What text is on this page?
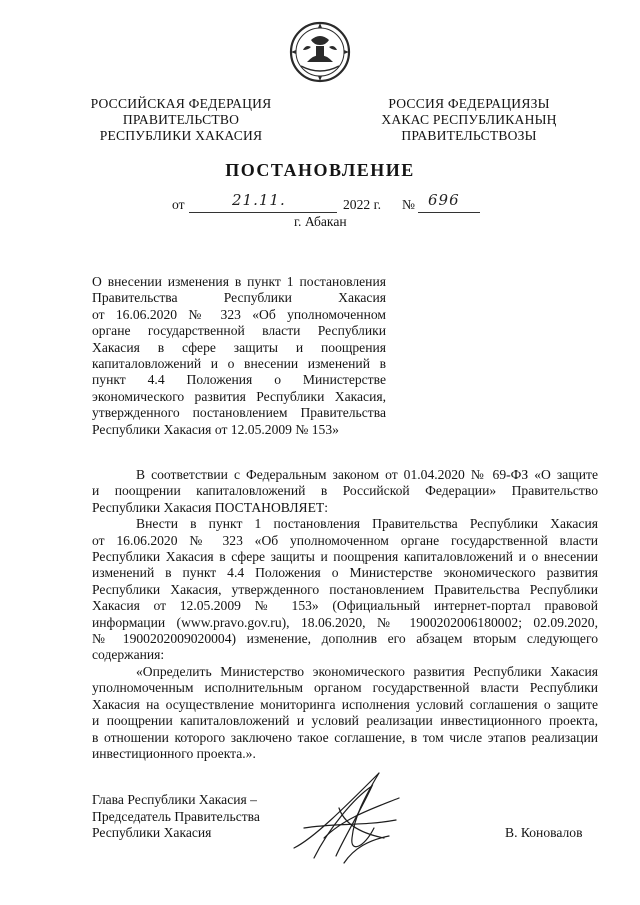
РОССИЙСКАЯ ФЕДЕРАЦИЯ
ПРАВИТЕЛЬСТВО
РЕСПУБЛИКИ ХАКАСИЯ
РОССИЯ ФЕДЕРАЦИЯЗЫ
ХАКАС РЕСПУБЛИКАНЫҢ
ПРАВИТЕЛЬСТВОЗЫ
ПОСТАНОВЛЕНИЕ
от	21.11.	2022 г. № 696
г. Абакан
О внесении изменения в пункт 1 постановления
Правительства Республики Хакасия
от 16.06.2020 № 323 «Об уполномоченном
органе государственной власти Республики
Хакасия в сфере защиты и поощрения
капиталовложений и о внесении изменений в
пункт 4.4 Положения о Министерстве
экономического развития Республики Хакасия,
утвержденного постановлением Правительства
Республики Хакасия от 12.05.2009 № 153»
В соответствии с Федеральным законом от 01.04.2020 № 69-ФЗ «О защите
и поощрении капиталовложений в Российской Федерации» Правительство
Республики Хакасия ПОСТАНОВЛЯЕТ:
Внести в пункт 1 постановления Правительства Республики Хакасия
от 16.06.2020 № 323 «Об уполномоченном органе государственной власти
Республики Хакасия в сфере защиты и поощрения капиталовложений и о внесении
изменений в пункт 4.4 Положения о Министерстве экономического развития
Республики Хакасия, утвержденного постановлением Правительства Республики
Хакасия от 12.05.2009 № 153» (Официальный интернет-портал правовой
информации (www.pravo.gov.ru), 18.06.2020, № 1900202006180002; 02.09.2020,
№ 1900202009020004) изменение, дополнив его абзацем вторым следующего
содержания:
«Определить Министерство экономического развития Республики Хакасия
уполномоченным исполнительным органом государственной власти Республики
Хакасия на осуществление мониторинга исполнения условий соглашения о защите
и поощрении капиталовложений и условий реализации инвестиционного проекта,
в отношении которого заключено такое соглашение, в том числе этапов реализации
инвестиционного проекта.».
Глава Республики Хакасия –
Председатель Правительства
Республики Хакасия	В. Коновалов
